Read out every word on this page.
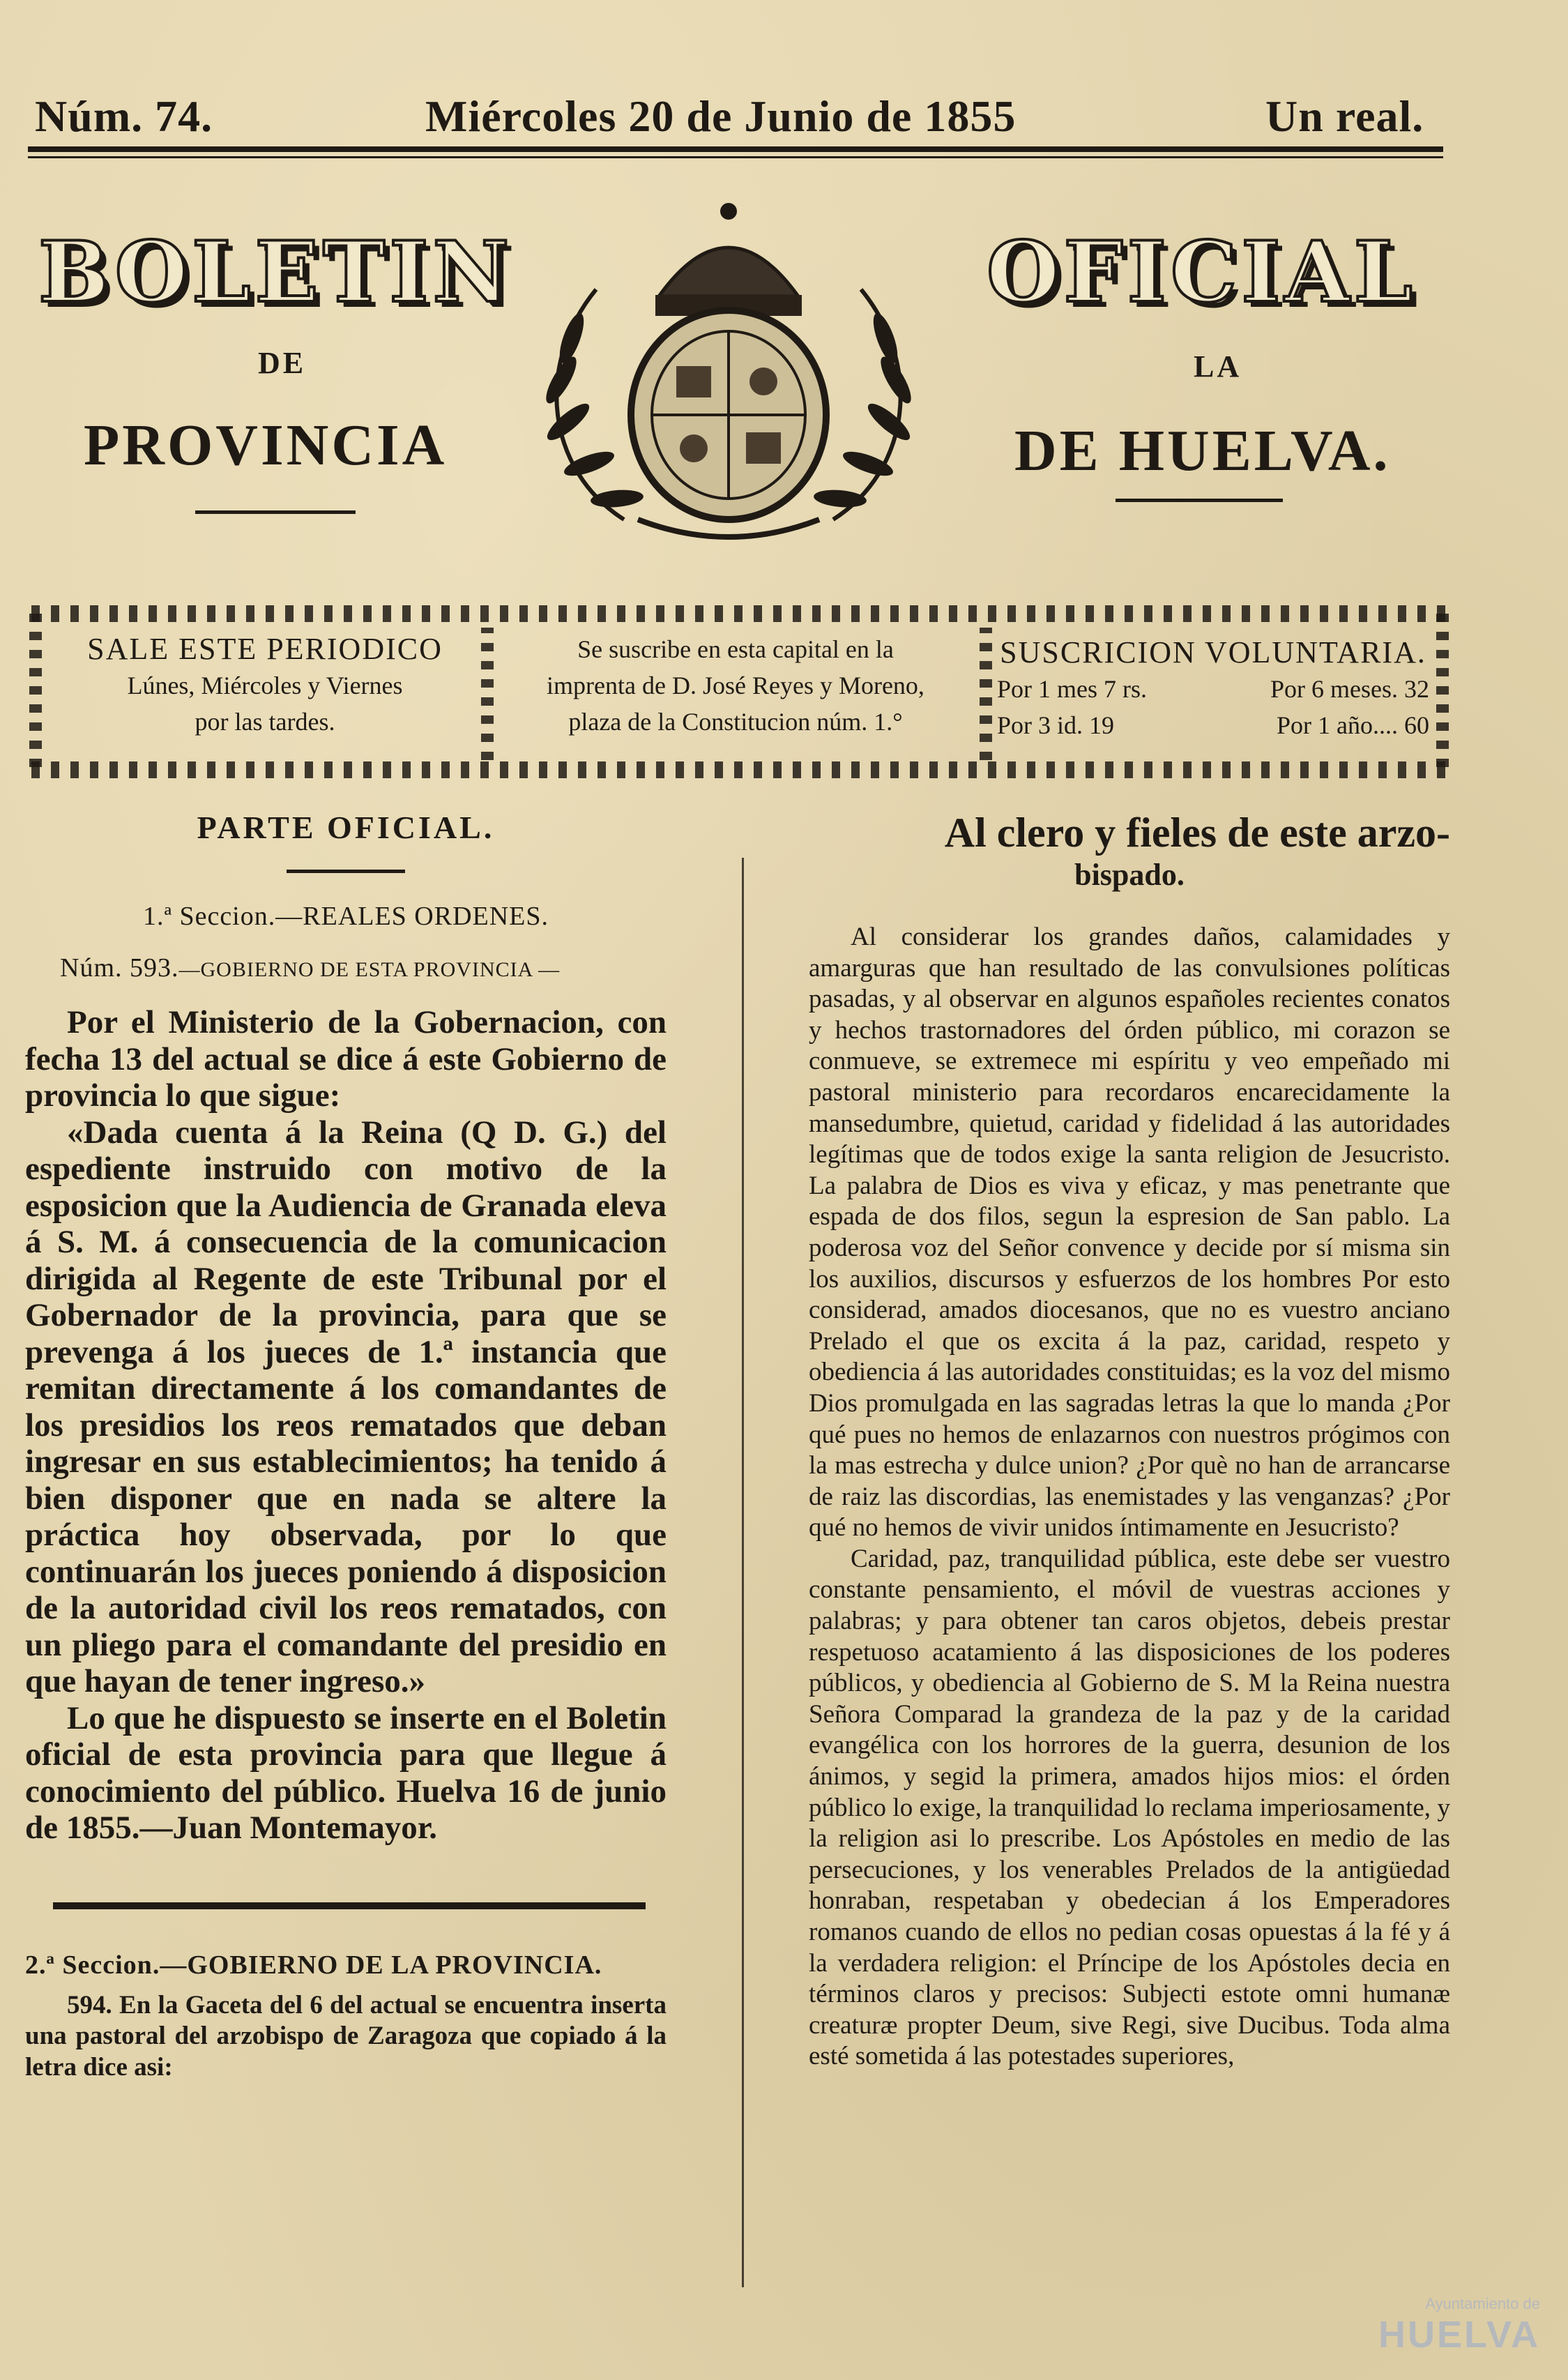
Núm. 74.	Miércoles 20 de Junio de 1855	Un real.
BOLETIN	OFICIAL
DE	LA
PROVINCIA	DE HUELVA.
SALE ESTE PERIODICO
Lúnes, Miércoles y Viernes
por las tardes.
Se suscribe en esta capital en la
imprenta de D. José Reyes y Moreno,
plaza de la Constitucion núm. 1.°
SUSCRICION VOLUNTARIA.
Por 1 mes 7 rs.	Por 6 meses. 32
Por 3 id. 19	Por 1 año.... 60
PARTE OFICIAL.
1.ª Seccion.—REALES ORDENES.
Núm. 593.—GOBIERNO DE ESTA PROVINCIA —

Por el Ministerio de la Gobernacion, con fecha 13 del actual se dice á este Gobierno de provincia lo que sigue:

«Dada cuenta á la Reina (Q D. G.) del espediente instruido con motivo de la esposicion que la Audiencia de Granada eleva á S. M. á consecuencia de la comunicacion dirigida al Regente de este Tribunal por el Gobernador de la provincia, para que se prevenga á los jueces de 1.ª instancia que remitan directamente á los comandantes de los presidios los reos rematados que deban ingresar en sus establecimientos; ha tenido á bien disponer que en nada se altere la práctica hoy observada, por lo que continuarán los jueces poniendo á disposicion de la autoridad civil los reos rematados, con un pliego para el comandante del presidio en que hayan de tener ingreso.»

Lo que he dispuesto se inserte en el Boletin oficial de esta provincia para que llegue á conocimiento del público. Huelva 16 de junio de 1855.—Juan Montemayor.

2.ª Seccion.—GOBIERNO DE LA PROVINCIA.

594. En la Gaceta del 6 del actual se encuentra inserta una pastoral del arzobispo de Zaragoza que copiado á la letra dice asi:

Al clero y fieles de este arzo-
bispado.

Al considerar los grandes daños, calamidades y amarguras que han resultado de las convulsiones políticas pasadas, y al observar en algunos españoles recientes conatos y hechos trastornadores del órden público, mi corazon se conmueve, se extremece mi espíritu y veo empeñado mi pastoral ministerio para recordaros encarecidamente la mansedumbre, quietud, caridad y fidelidad á las autoridades legítimas que de todos exige la santa religion de Jesucristo. La palabra de Dios es viva y eficaz, y mas penetrante que espada de dos filos, segun la espresion de San pablo. La poderosa voz del Señor convence y decide por sí misma sin los auxilios, discursos y esfuerzos de los hombres Por esto considerad, amados diocesanos, que no es vuestro anciano Prelado el que os excita á la paz, caridad, respeto y obediencia á las autoridades constituidas; es la voz del mismo Dios promulgada en las sagradas letras la que lo manda ¿Por qué pues no hemos de enlazarnos con nuestros prógimos con la mas estrecha y dulce union? ¿Por què no han de arrancarse de raiz las discordias, las enemistades y las venganzas? ¿Por qué no hemos de vivir unidos íntimamente en Jesucristo?

Caridad, paz, tranquilidad pública, este debe ser vuestro constante pensamiento, el móvil de vuestras acciones y palabras; y para obtener tan caros objetos, debeis prestar respetuoso acatamiento á las disposiciones de los poderes públicos, y obediencia al Gobierno de S. M la Reina nuestra Señora Comparad la grandeza de la paz y de la caridad evangélica con los horrores de la guerra, desunion de los ánimos, y segid la primera, amados hijos mios: el órden público lo exige, la tranquilidad lo reclama imperiosamente, y la religion asi lo prescribe. Los Apóstoles en medio de las persecuciones, y los venerables Prelados de la antigüedad honraban, respetaban y obedecian á los Emperadores romanos cuando de ellos no pedian cosas opuestas á la fé y á la verdadera religion: el Príncipe de los Apóstoles decia en términos claros y precisos: Subjecti estote omni humanæ creaturæ propter Deum, sive Regi, sive Ducibus. Toda alma esté sometida á las potestades superiores,

Ayuntamiento de
HUELVA
